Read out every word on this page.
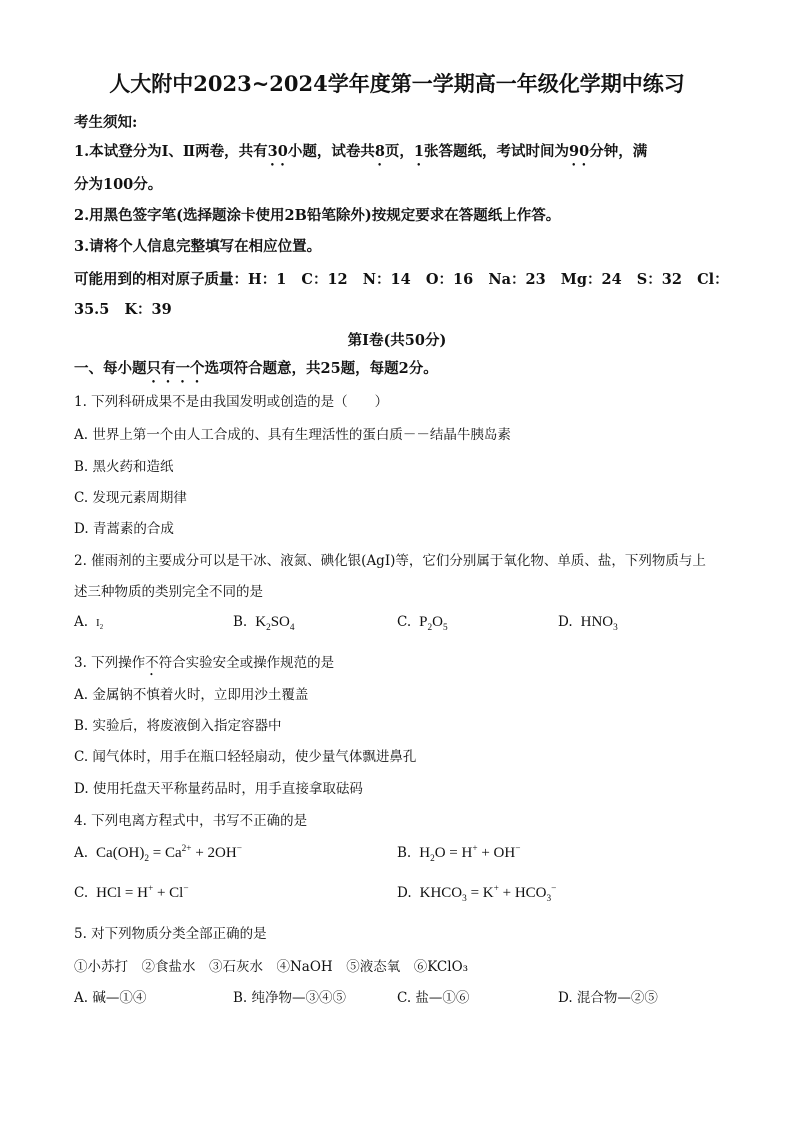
人大附中2023~2024学年度第一学期高一年级化学期中练习
考生须知:
1.本试登分为Ⅰ、Ⅱ两卷，共有30小题，试卷共8页，1张答题纸，考试时间为90分钟，满
分为100分。
2.用黑色签字笔(选择题涂卡使用2B铅笔除外)按规定要求在答题纸上作答。
3.请将个人信息完整填写在相应位置。
可能用到的相对原子质量：H：1   C：12   N：14   O：16   Na：23   Mg：24   S：32   Cl：
35.5   K：39
第Ⅰ卷(共50分)
一、每小题只有一个选项符合题意，共25题，每题2分。
1. 下列科研成果不是由我国发明或创造的是（　　）
A. 世界上第一个由人工合成的、具有生理活性的蛋白质－－结晶牛胰岛素
B. 黑火药和造纸
C. 发现元素周期律
D. 青蒿素的合成
2. 催雨剂的主要成分可以是干冰、液氮、碘化银(AgI)等，它们分别属于氧化物、单质、盐，下列物质与上
述三种物质的类别完全不同的是
A. $I_2$	B. $K_2SO_4$	C. $P_2O_5$	D. $HNO_3$
3. 下列操作不符合实验安全或操作规范的是
A. 金属钠不慎着火时，立即用沙土覆盖
B. 实验后，将废液倒入指定容器中
C. 闻气体时，用手在瓶口轻轻扇动，使少量气体飘进鼻孔
D. 使用托盘天平称量药品时，用手直接拿取砝码
4. 下列电离方程式中，书写不正确的是
A. $Ca(OH)_2 = Ca^{2+} + 2OH^-$	B. $H_2O = H^+ + OH^-$
C. HCl = H+ + Cl−	D. $KHCO_3 = K^+ + HCO_3^-$
5. 对下列物质分类全部正确的是
①小苏打　②食盐水　③石灰水　④NaOH　⑤液态氧　⑥KClO₃
A. 碱—①④	B. 纯净物—③④⑤	C. 盐—①⑥	D. 混合物—②⑤
